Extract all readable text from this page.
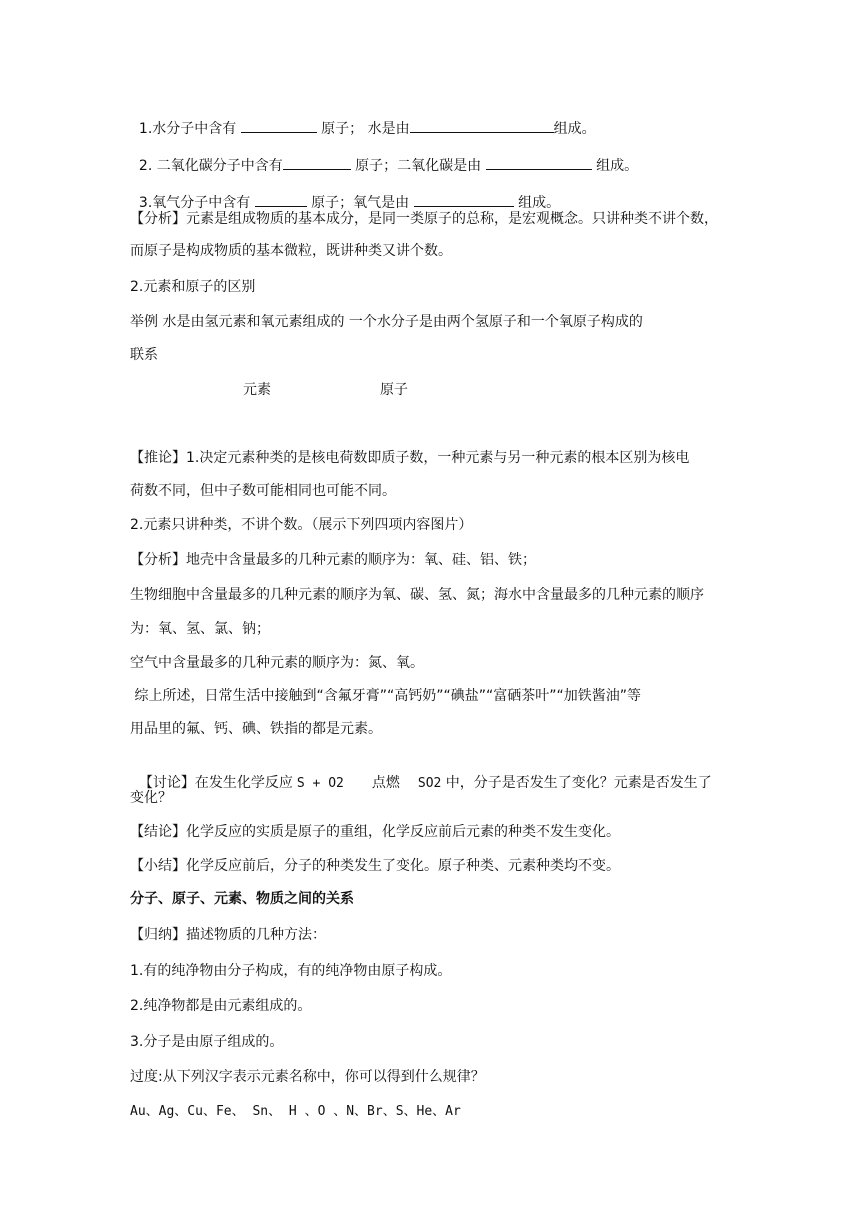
1.水分子中含有	原子； 水是由	组成。

2. 二氧化碳分子中含有	原子；二氧化碳是由	组成。

3.氧气分子中含有	原子；氧气是由	组成。

【分析】元素是组成物质的基本成分，是同一类原子的总称，是宏观概念。只讲种类不讲个数，
而原子是构成物质的基本微粒，既讲种类又讲个数。
2.元素和原子的区别
举例 水是由氢元素和氧元素组成的 一个水分子是由两个氢原子和一个氧原子构成的
联系
元素	原子
【推论】1.决定元素种类的是核电荷数即质子数，一种元素与另一种元素的根本区别为核电
荷数不同，但中子数可能相同也可能不同。
2.元素只讲种类，不讲个数。（展示下列四项内容图片）
【分析】地壳中含量最多的几种元素的顺序为：氧、硅、铝、铁；
生物细胞中含量最多的几种元素的顺序为氧、碳、氢、氮；海水中含量最多的几种元素的顺序
为：氧、氢、氯、钠；
空气中含量最多的几种元素的顺序为：氮、氧。
综上所述，日常生活中接触到“含氟牙膏”“高钙奶”“碘盐”“富硒茶叶”“加铁酱油”等
用品里的氟、钙、碘、铁指的都是元素。

【讨论】在发生化学反应 S + O2 点燃 SO2 中，分子是否发生了变化？元素是否发生了

变化？
【结论】化学反应的实质是原子的重组，化学反应前后元素的种类不发生变化。
【小结】化学反应前后，分子的种类发生了变化。原子种类、元素种类均不变。
分子、原子、元素、物质之间的关系
【归纳】描述物质的几种方法：
1.有的纯净物由分子构成，有的纯净物由原子构成。
2.纯净物都是由元素组成的。
3.分子是由原子组成的。
过度:从下列汉字表示元素名称中，你可以得到什么规律？
Au、Ag、Cu、Fe、 Sn、 H 、O 、N、Br、S、He、Ar
